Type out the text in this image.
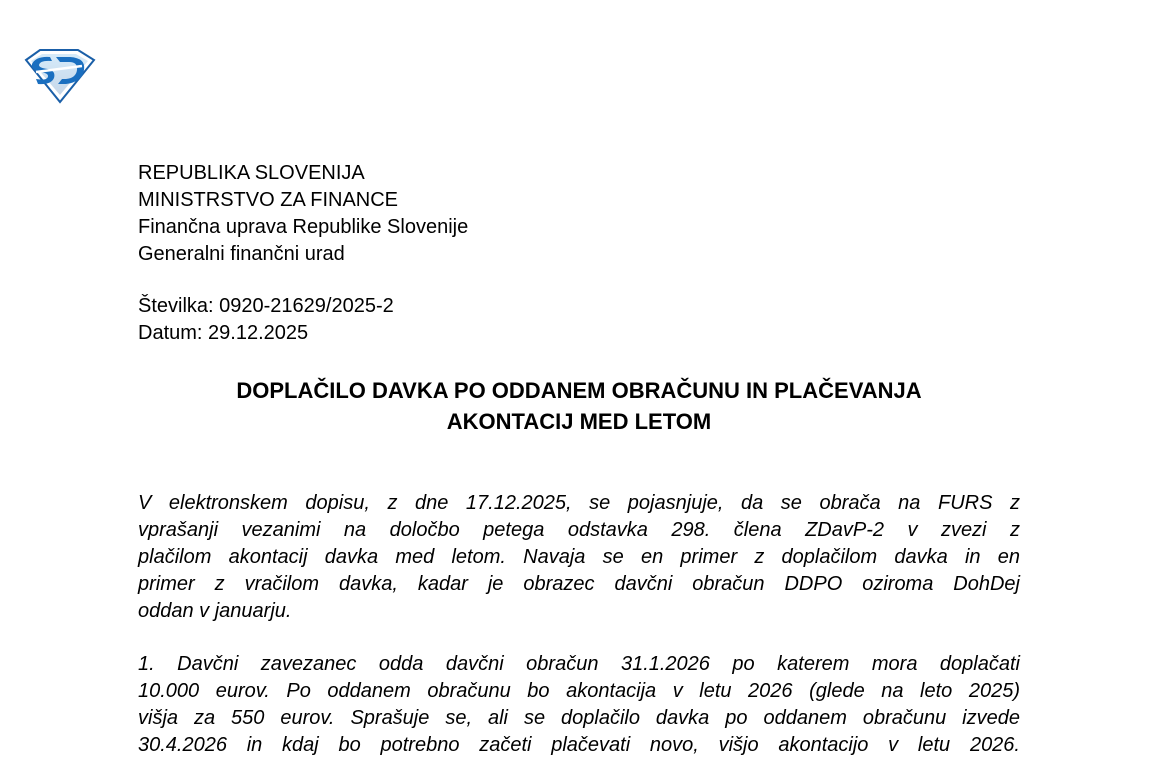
REPUBLIKA SLOVENIJA
MINISTRSTVO ZA FINANCE
Finančna uprava Republike Slovenije
Generalni finančni urad
Številka: 0920-21629/2025-2
Datum: 29.12.2025
DOPLAČILO DAVKA PO ODDANEM OBRAČUNU IN PLAČEVANJA
AKONTACIJ MED LETOM
V elektronskem dopisu, z dne 17.12.2025, se pojasnjuje, da se obrača na FURS z
vprašanji vezanimi na določbo petega odstavka 298. člena ZDavP-2 v zvezi z
plačilom akontacij davka med letom. Navaja se en primer z doplačilom davka in en
primer z vračilom davka, kadar je obrazec davčni obračun DDPO oziroma DohDej
oddan v januarju.
1. Davčni zavezanec odda davčni obračun 31.1.2026 po katerem mora doplačati
10.000 eurov. Po oddanem obračunu bo akontacija v letu 2026 (glede na leto 2025)
višja za 550 eurov. Sprašuje se, ali se doplačilo davka po oddanem obračunu izvede
30.4.2026 in kdaj bo potrebno začeti plačevati novo, višjo akontacijo v letu 2026.
